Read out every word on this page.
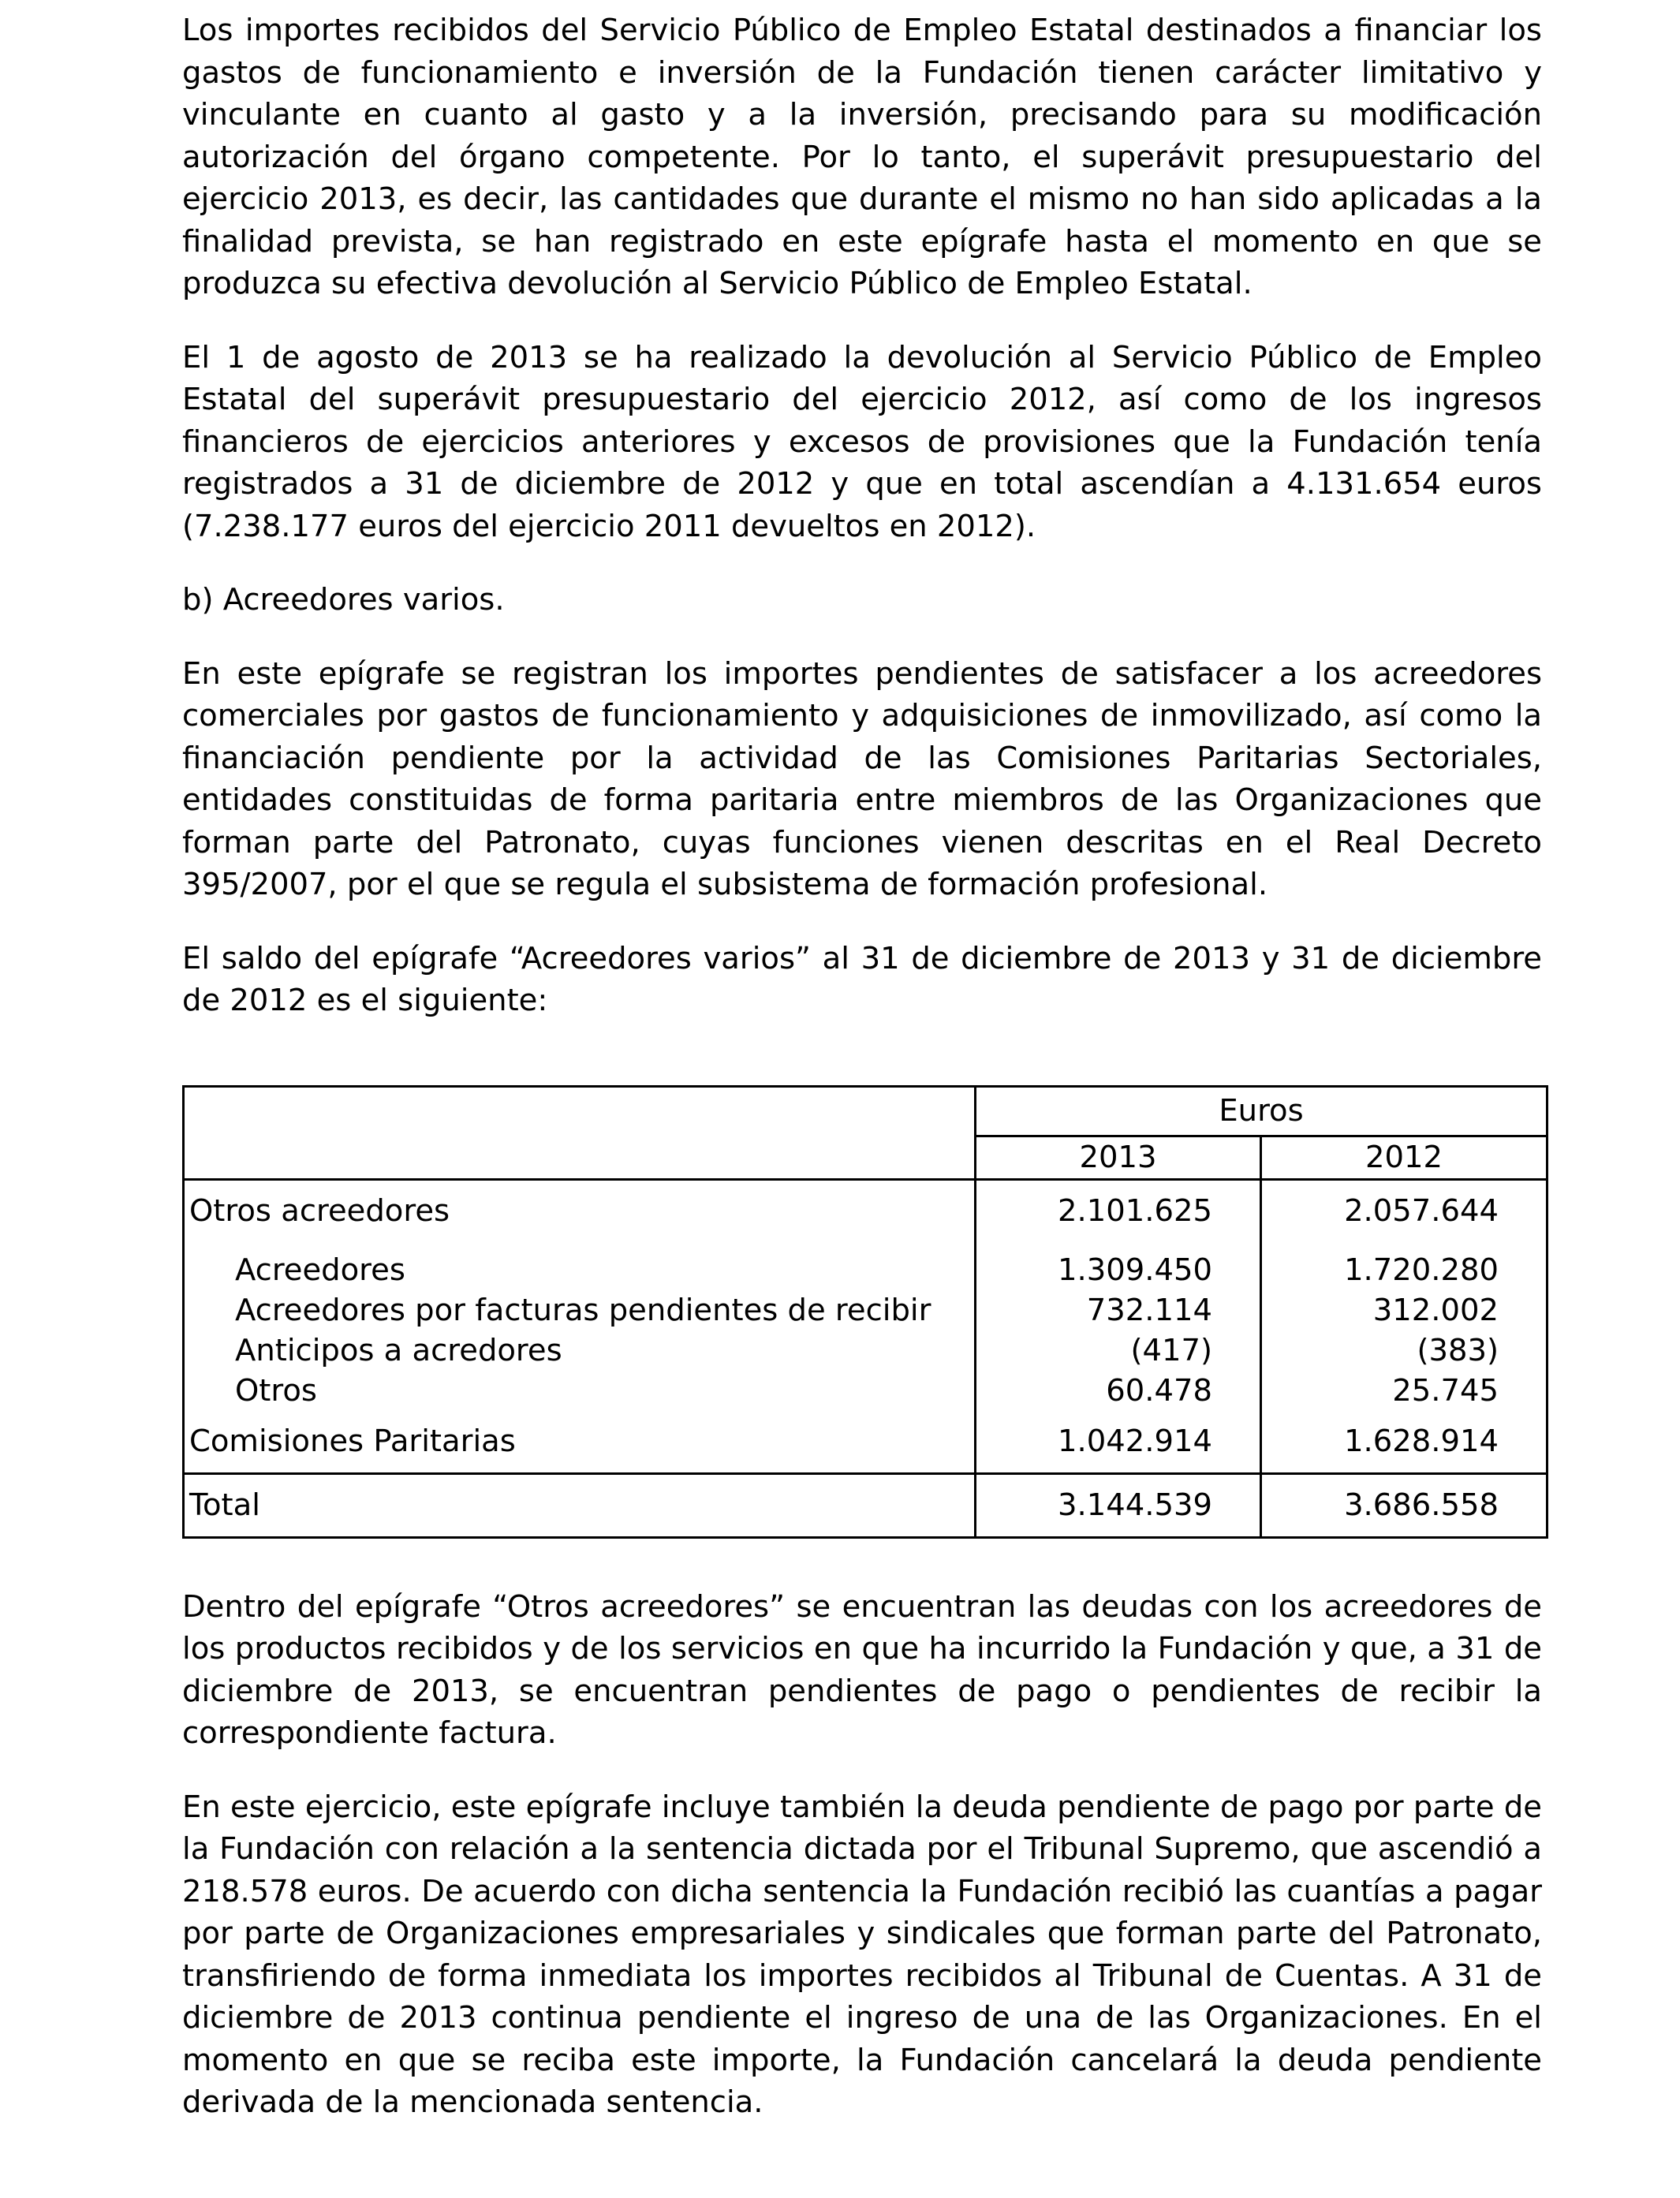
Los importes recibidos del Servicio Público de Empleo Estatal destinados a financiar los gastos de funcionamiento e inversión de la Fundación tienen carácter limitativo y vinculante en cuanto al gasto y a la inversión, precisando para su modificación autorización del órgano competente. Por lo tanto, el superávit presupuestario del ejercicio 2013, es decir, las cantidades que durante el mismo no han sido aplicadas a la finalidad prevista, se han registrado en este epígrafe hasta el momento en que se produzca su efectiva devolución al Servicio Público de Empleo Estatal.

El 1 de agosto de 2013 se ha realizado la devolución al Servicio Público de Empleo Estatal del superávit presupuestario del ejercicio 2012, así como de los ingresos financieros de ejercicios anteriores y excesos de provisiones que la Fundación tenía registrados a 31 de diciembre de 2012 y que en total ascendían a 4.131.654 euros (7.238.177 euros del ejercicio 2011 devueltos en 2012).

b) Acreedores varios.

En este epígrafe se registran los importes pendientes de satisfacer a los acreedores comerciales por gastos de funcionamiento y adquisiciones de inmovilizado, así como la financiación pendiente por la actividad de las Comisiones Paritarias Sectoriales, entidades constituidas de forma paritaria entre miembros de las Organizaciones que forman parte del Patronato, cuyas funciones vienen descritas en el Real Decreto 395/2007, por el que se regula el subsistema de formación profesional.

El saldo del epígrafe “Acreedores varios” al 31 de diciembre de 2013 y 31 de diciembre de 2012 es el siguiente:

	Euros	
	2013	2012
Otros acreedores	2.101.625	2.057.644
Acreedores	1.309.450	1.720.280
Acreedores por facturas pendientes de recibir	732.114	312.002
Anticipos a acredores	(417)	(383)
Otros	60.478	25.745
Comisiones Paritarias	1.042.914	1.628.914
Total	3.144.539	3.686.558

Dentro del epígrafe “Otros acreedores” se encuentran las deudas con los acreedores de los productos recibidos y de los servicios en que ha incurrido la Fundación y que, a 31 de diciembre de 2013, se encuentran pendientes de pago o pendientes de recibir la correspondiente factura.

En este ejercicio, este epígrafe incluye también la deuda pendiente de pago por parte de la Fundación con relación a la sentencia dictada por el Tribunal Supremo, que ascendió a 218.578 euros. De acuerdo con dicha sentencia la Fundación recibió las cuantías a pagar por parte de Organizaciones empresariales y sindicales que forman parte del Patronato, transfiriendo de forma inmediata los importes recibidos al Tribunal de Cuentas. A 31 de diciembre de 2013 continua pendiente el ingreso de una de las Organizaciones. En el momento en que se reciba este importe, la Fundación cancelará la deuda pendiente derivada de la mencionada sentencia.
